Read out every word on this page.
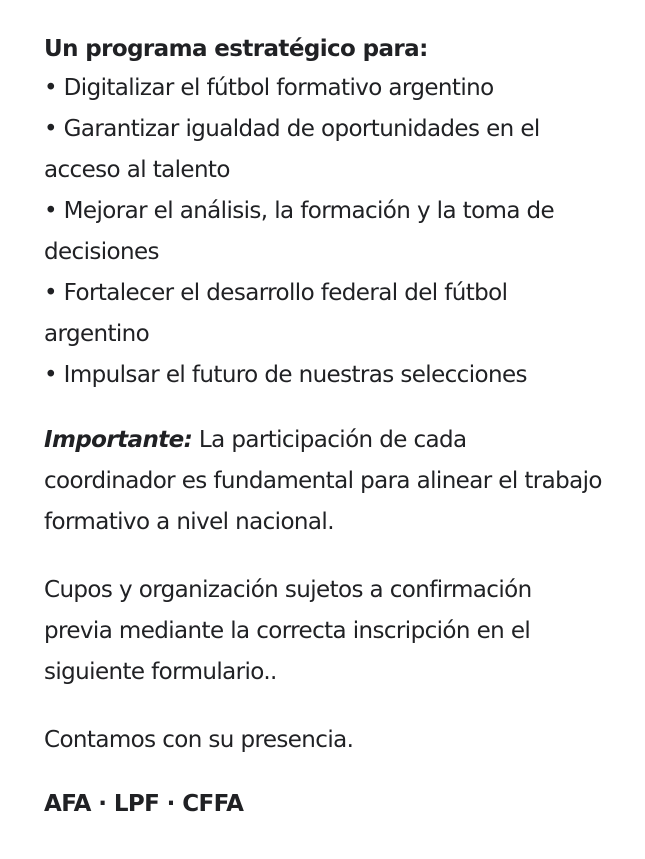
Un programa estratégico para:

• Digitalizar el fútbol formativo argentino
• Garantizar igualdad de oportunidades en el acceso al talento
• Mejorar el análisis, la formación y la toma de decisiones
• Fortalecer el desarrollo federal del fútbol argentino
• Impulsar el futuro de nuestras selecciones

Importante: La participación de cada coordinador es fundamental para alinear el trabajo formativo a nivel nacional.

Cupos y organización sujetos a confirmación previa mediante la correcta inscripción en el siguiente formulario..

Contamos con su presencia.

AFA · LPF · CFFA
